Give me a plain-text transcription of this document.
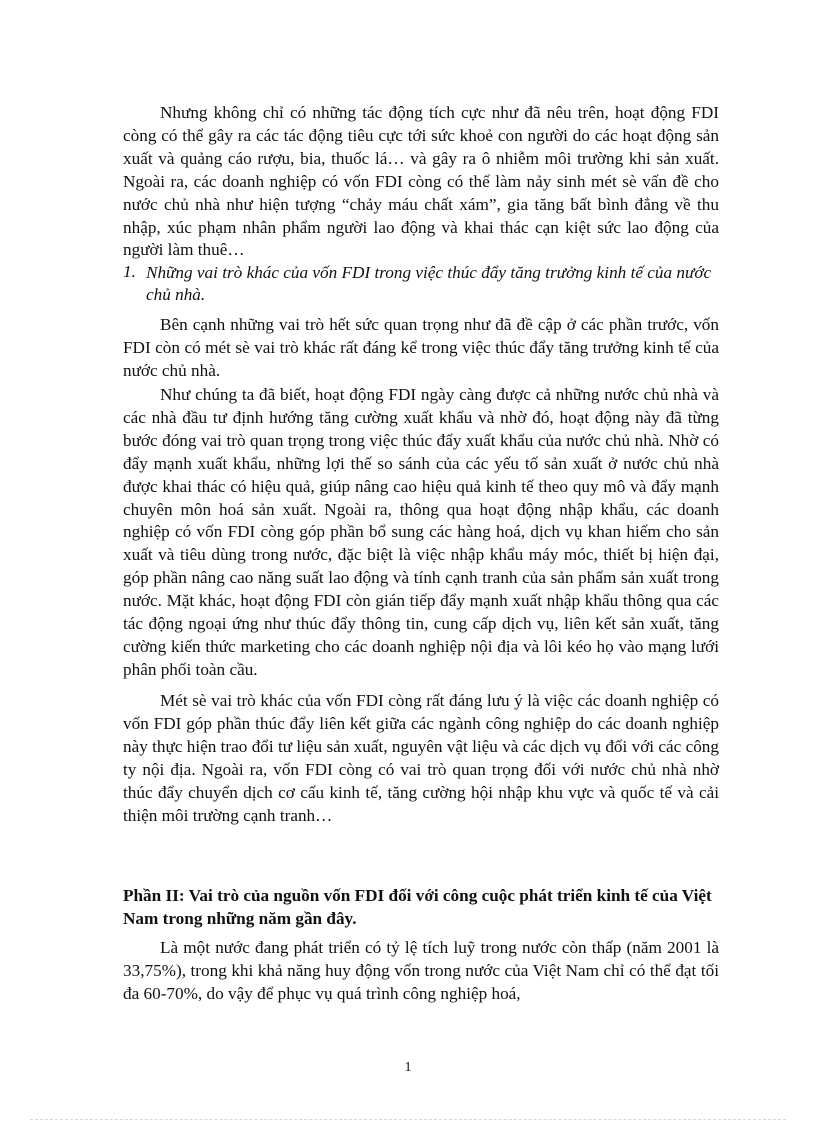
Nhưng không chỉ có những tác động tích cực như đã nêu trên, hoạt động FDI còng có thể gây ra các tác động tiêu cực tới sức khoẻ con người do các hoạt động sản xuất và quảng cáo rượu, bia, thuốc lá… và gây ra ô nhiễm môi trường khi sản xuất. Ngoài ra, các doanh nghiệp có vốn FDI còng có thể làm nảy sinh mét sè vấn đề cho nước chủ nhà như hiện tượng “chảy máu chất xám”, gia tăng bất bình đẳng về thu nhập, xúc phạm nhân phẩm người lao động và khai thác cạn kiệt sức lao động của người làm thuê…

1. Những vai trò khác của vốn FDI trong việc thúc đẩy tăng trưởng kinh tế của nước chủ nhà.

Bên cạnh những vai trò hết sức quan trọng như đã đề cập ở các phần trước, vốn FDI còn có mét sè vai trò khác rất đáng kể trong việc thúc đẩy tăng trưởng kinh tế của nước chủ nhà.

Như chúng ta đã biết, hoạt động FDI ngày càng được cả những nước chủ nhà và các nhà đầu tư định hướng tăng cường xuất khẩu và nhờ đó, hoạt động này đã từng bước đóng vai trò quan trọng trong việc thúc đẩy xuất khẩu của nước chủ nhà. Nhờ có đẩy mạnh xuất khẩu, những lợi thế so sánh của các yếu tố sản xuất ở nước chủ nhà được khai thác có hiệu quả, giúp nâng cao hiệu quả kinh tế theo quy mô và đẩy mạnh chuyên môn hoá sản xuất. Ngoài ra, thông qua hoạt động nhập khẩu, các doanh nghiệp có vốn FDI còng góp phần bổ sung các hàng hoá, dịch vụ khan hiếm cho sản xuất và tiêu dùng trong nước, đặc biệt là việc nhập khẩu máy móc, thiết bị hiện đại, góp phần nâng cao năng suất lao động và tính cạnh tranh của sản phẩm sản xuất trong nước. Mặt khác, hoạt động FDI còn gián tiếp đẩy mạnh xuất nhập khẩu thông qua các tác động ngoại ứng như thúc đẩy thông tin, cung cấp dịch vụ, liên kết sản xuất, tăng cường kiến thức marketing cho các doanh nghiệp nội địa và lôi kéo họ vào mạng lưới phân phối toàn cầu.

Mét sè vai trò khác của vốn FDI còng rất đáng lưu ý là việc các doanh nghiệp có vốn FDI góp phần thúc đẩy liên kết giữa các ngành công nghiệp do các doanh nghiệp này thực hiện trao đổi tư liệu sản xuất, nguyên vật liệu và các dịch vụ đối với các công ty nội địa. Ngoài ra, vốn FDI còng có vai trò quan trọng đối với nước chủ nhà nhờ thúc đẩy chuyển dịch cơ cấu kinh tế, tăng cường hội nhập khu vực và quốc tế và cải thiện môi trường cạnh tranh…

Phần II: Vai trò của nguồn vốn FDI đối với công cuộc phát triển kinh tế của Việt Nam trong những năm gần đây.

Là một nước đang phát triển có tỷ lệ tích luỹ trong nước còn thấp (năm 2001 là 33,75%), trong khi khả năng huy động vốn trong nước của Việt Nam chỉ có thể đạt tối đa 60-70%, do vậy để phục vụ quá trình công nghiệp hoá,

1
